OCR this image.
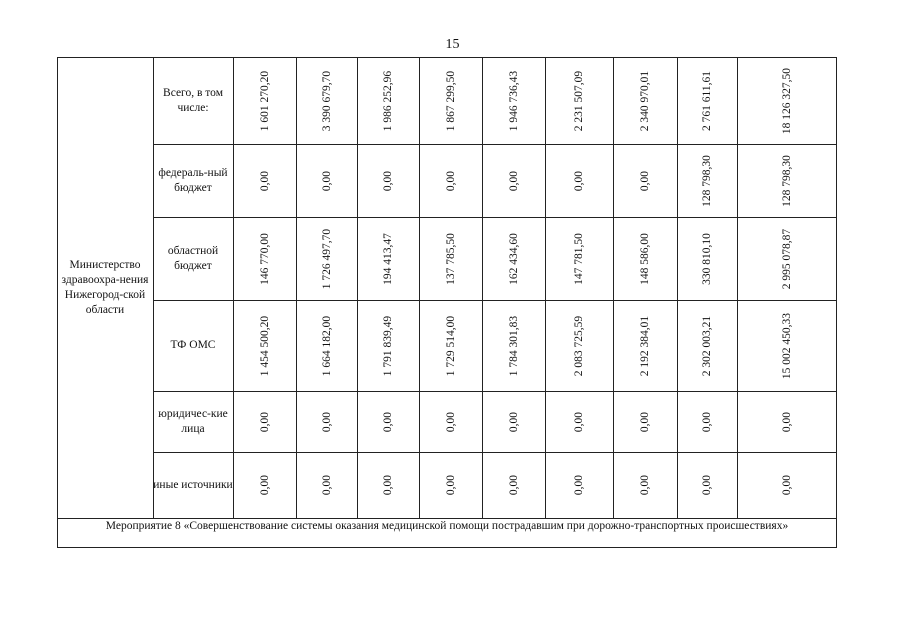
15
Министерство здравоохра-нения Нижегород-ской области
Мероприятие 8 «Совершенствование системы оказания медицинской помощи пострадавшим при дорожно-транспортных происшествиях»
Всего, в том числе:	1 601 270,20	3 390 679,70	1 986 252,96	1 867 299,50	1 946 736,43	2 231 507,09	2 340 970,01	2 761 611,61	18 126 327,50
федераль-ный бюджет	0,00	0,00	0,00	0,00	0,00	0,00	0,00	128 798,30	128 798,30
областной бюджет	146 770,00	1 726 497,70	194 413,47	137 785,50	162 434,60	147 781,50	148 586,00	330 810,10	2 995 078,87
ТФ ОМС	1 454 500,20	1 664 182,00	1 791 839,49	1 729 514,00	1 784 301,83	2 083 725,59	2 192 384,01	2 302 003,21	15 002 450,33
юридичес-кие лица	0,00	0,00	0,00	0,00	0,00	0,00	0,00	0,00	0,00
иные источники 0,00	0,00	0,00	0,00	0,00	0,00	0,00	0,00	0,00
